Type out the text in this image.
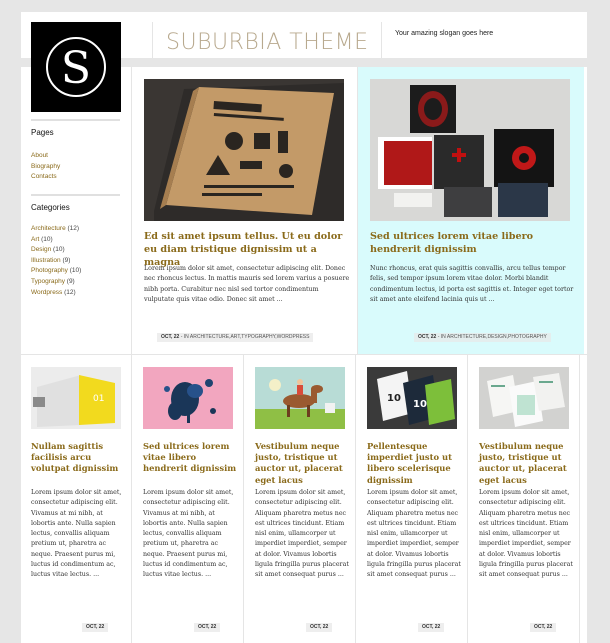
SUBURBIA THEME	Your amazing slogan goes here
S
Pages
About
Biography
Contacts
Categories
Architecture (12)
Art (10)
Design (10)
Illustration (9)
Photography (10)
Typography (9)
Wordpress (12)
Ed sit amet ipsum tellus. Ut eu dolor eu diam tristique dignissim ut a magna

Lorem ipsum dolor sit amet, consectetur adipiscing elit. Donec nec rhoncus lectus. In mattis mauris sed lorem varius a posuere nibh porta. Curabitur nec nisl sed tortor condimentum vulputate quis vitae odio. Donec sit amet ...

OCT, 22 - IN ARCHITECTURE,ART,TYPOGRAPHY,WORDPRESS
Sed ultrices lorem vitae libero hendrerit dignissim

Nunc rhoncus, erat quis sagittis convallis, arcu tellus tempor felis, sed tempor ipsum lorem vitae dolor. Morbi blandit condimentum lectus, id porta est sagittis et. Integer eget tortor sit amet ante eleifend lacinia quis ut ...

OCT, 22 - IN ARCHITECTURE,DESIGN,PHOTOGRAPHY
01
Nullam sagittis facilisis arcu volutpat dignissim

Lorem ipsum dolor sit amet, consectetur adipiscing elit. Vivamus at mi nibh, at lobortis ante. Nulla sapien lectus, convallis aliquam pretium ut, pharetra ac neque. Praesent purus mi, luctus id condimentum ac, luctus vitae lectus. ...

OCT, 22
Sed ultrices lorem vitae libero hendrerit dignissim

Lorem ipsum dolor sit amet, consectetur adipiscing elit. Vivamus at mi nibh, at lobortis ante. Nulla sapien lectus, convallis aliquam pretium ut, pharetra ac neque. Praesent purus mi, luctus id condimentum ac, luctus vitae lectus. ...

OCT, 22
Vestibulum neque justo, tristique ut auctor ut, placerat eget lacus

Lorem ipsum dolor sit amet, consectetur adipiscing elit. Aliquam pharetra metus nec est ultrices tincidunt. Etiam nisl enim, ullamcorper ut imperdiet imperdiet, semper at dolor. Vivamus lobortis ligula fringilla purus placerat sit amet consequat purus ...

OCT, 22
10
10
Pellentesque imperdiet justo ut libero scelerisque dignissim

Lorem ipsum dolor sit amet, consectetur adipiscing elit. Aliquam pharetra metus nec est ultrices tincidunt. Etiam nisl enim, ullamcorper ut imperdiet imperdiet, semper at dolor. Vivamus lobortis ligula fringilla purus placerat sit amet consequat purus ...

OCT, 22
Vestibulum neque justo, tristique ut auctor ut, placerat eget lacus

Lorem ipsum dolor sit amet, consectetur adipiscing elit. Aliquam pharetra metus nec est ultrices tincidunt. Etiam nisl enim, ullamcorper ut imperdiet imperdiet, semper at dolor. Vivamus lobortis ligula fringilla purus placerat sit amet consequat purus ...

OCT, 22
